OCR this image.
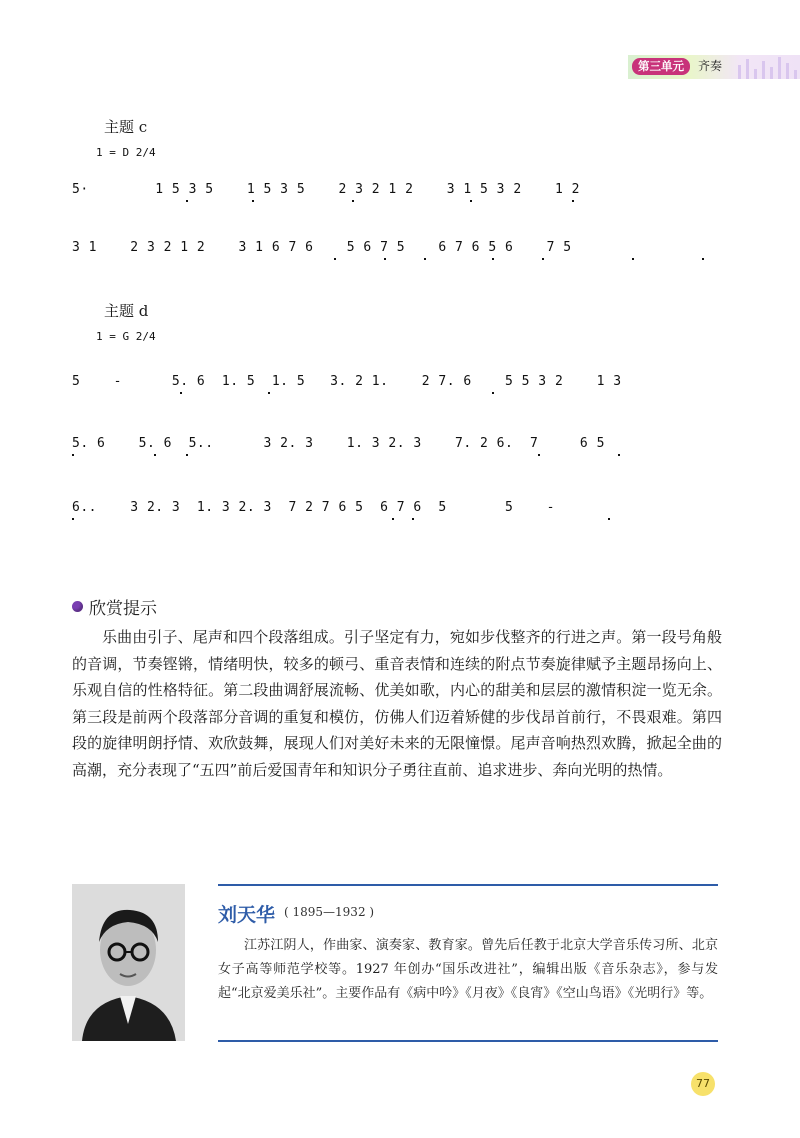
第三单元	齐奏
主题 c
1 = D 2/4
5·        1 5 3 5    1 5 3 5    2 3 2 1 2    3 1 5 3 2    1 2
3 1    2 3 2 1 2    3 1 6 7 6    5 6 7 5    6 7 6 5 6    7 5
主题 d
1 = G 2/4
5    -      5. 6  1. 5  1. 5   3. 2 1.    2 7. 6    5 5 3 2    1 3
5. 6    5. 6  5..      3 2. 3    1. 3 2. 3    7. 2 6.  7     6 5
6..    3 2. 3  1. 3 2. 3  7 2 7 6 5  6 7 6  5       5    -
欣赏提示

乐曲由引子、尾声和四个段落组成。引子坚定有力，宛如步伐整齐的行进之声。第一段号角般的音调，节奏铿锵，情绪明快，较多的顿弓、重音表情和连续的附点节奏旋律赋予主题昂扬向上、乐观自信的性格特征。第二段曲调舒展流畅、优美如歌，内心的甜美和层层的激情积淀一览无余。第三段是前两个段落部分音调的重复和模仿，仿佛人们迈着矫健的步伐昂首前行，不畏艰难。第四段的旋律明朗抒情、欢欣鼓舞，展现人们对美好未来的无限憧憬。尾声音响热烈欢腾，掀起全曲的高潮，充分表现了“五四”前后爱国青年和知识分子勇往直前、追求进步、奔向光明的热情。

刘天华 ( 1895—1932 )

江苏江阴人，作曲家、演奏家、教育家。曾先后任教于北京大学音乐传习所、北京女子高等师范学校等。1927 年创办“国乐改进社”，编辑出版《音乐杂志》，参与发起“北京爱美乐社”。主要作品有《病中吟》《月夜》《良宵》《空山鸟语》《光明行》等。

77
